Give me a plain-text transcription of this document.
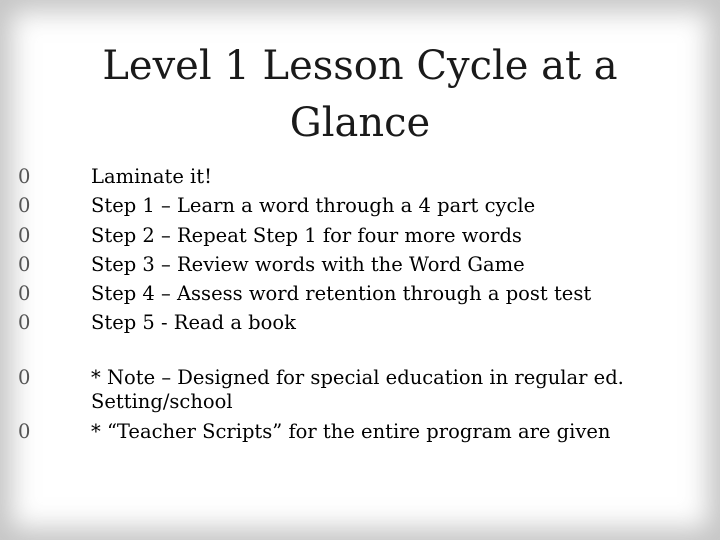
Level 1 Lesson Cycle at a Glance
0	Laminate it!
0	Step 1 – Learn a word through a 4 part cycle
0	Step 2 – Repeat Step 1 for four more words
0	Step 3 – Review words with the Word Game
0	Step 4 – Assess word retention through a post test
0	Step 5 - Read a book
0	* Note – Designed for special education in regular ed. Setting/school
0	* “Teacher Scripts” for the entire program are given
